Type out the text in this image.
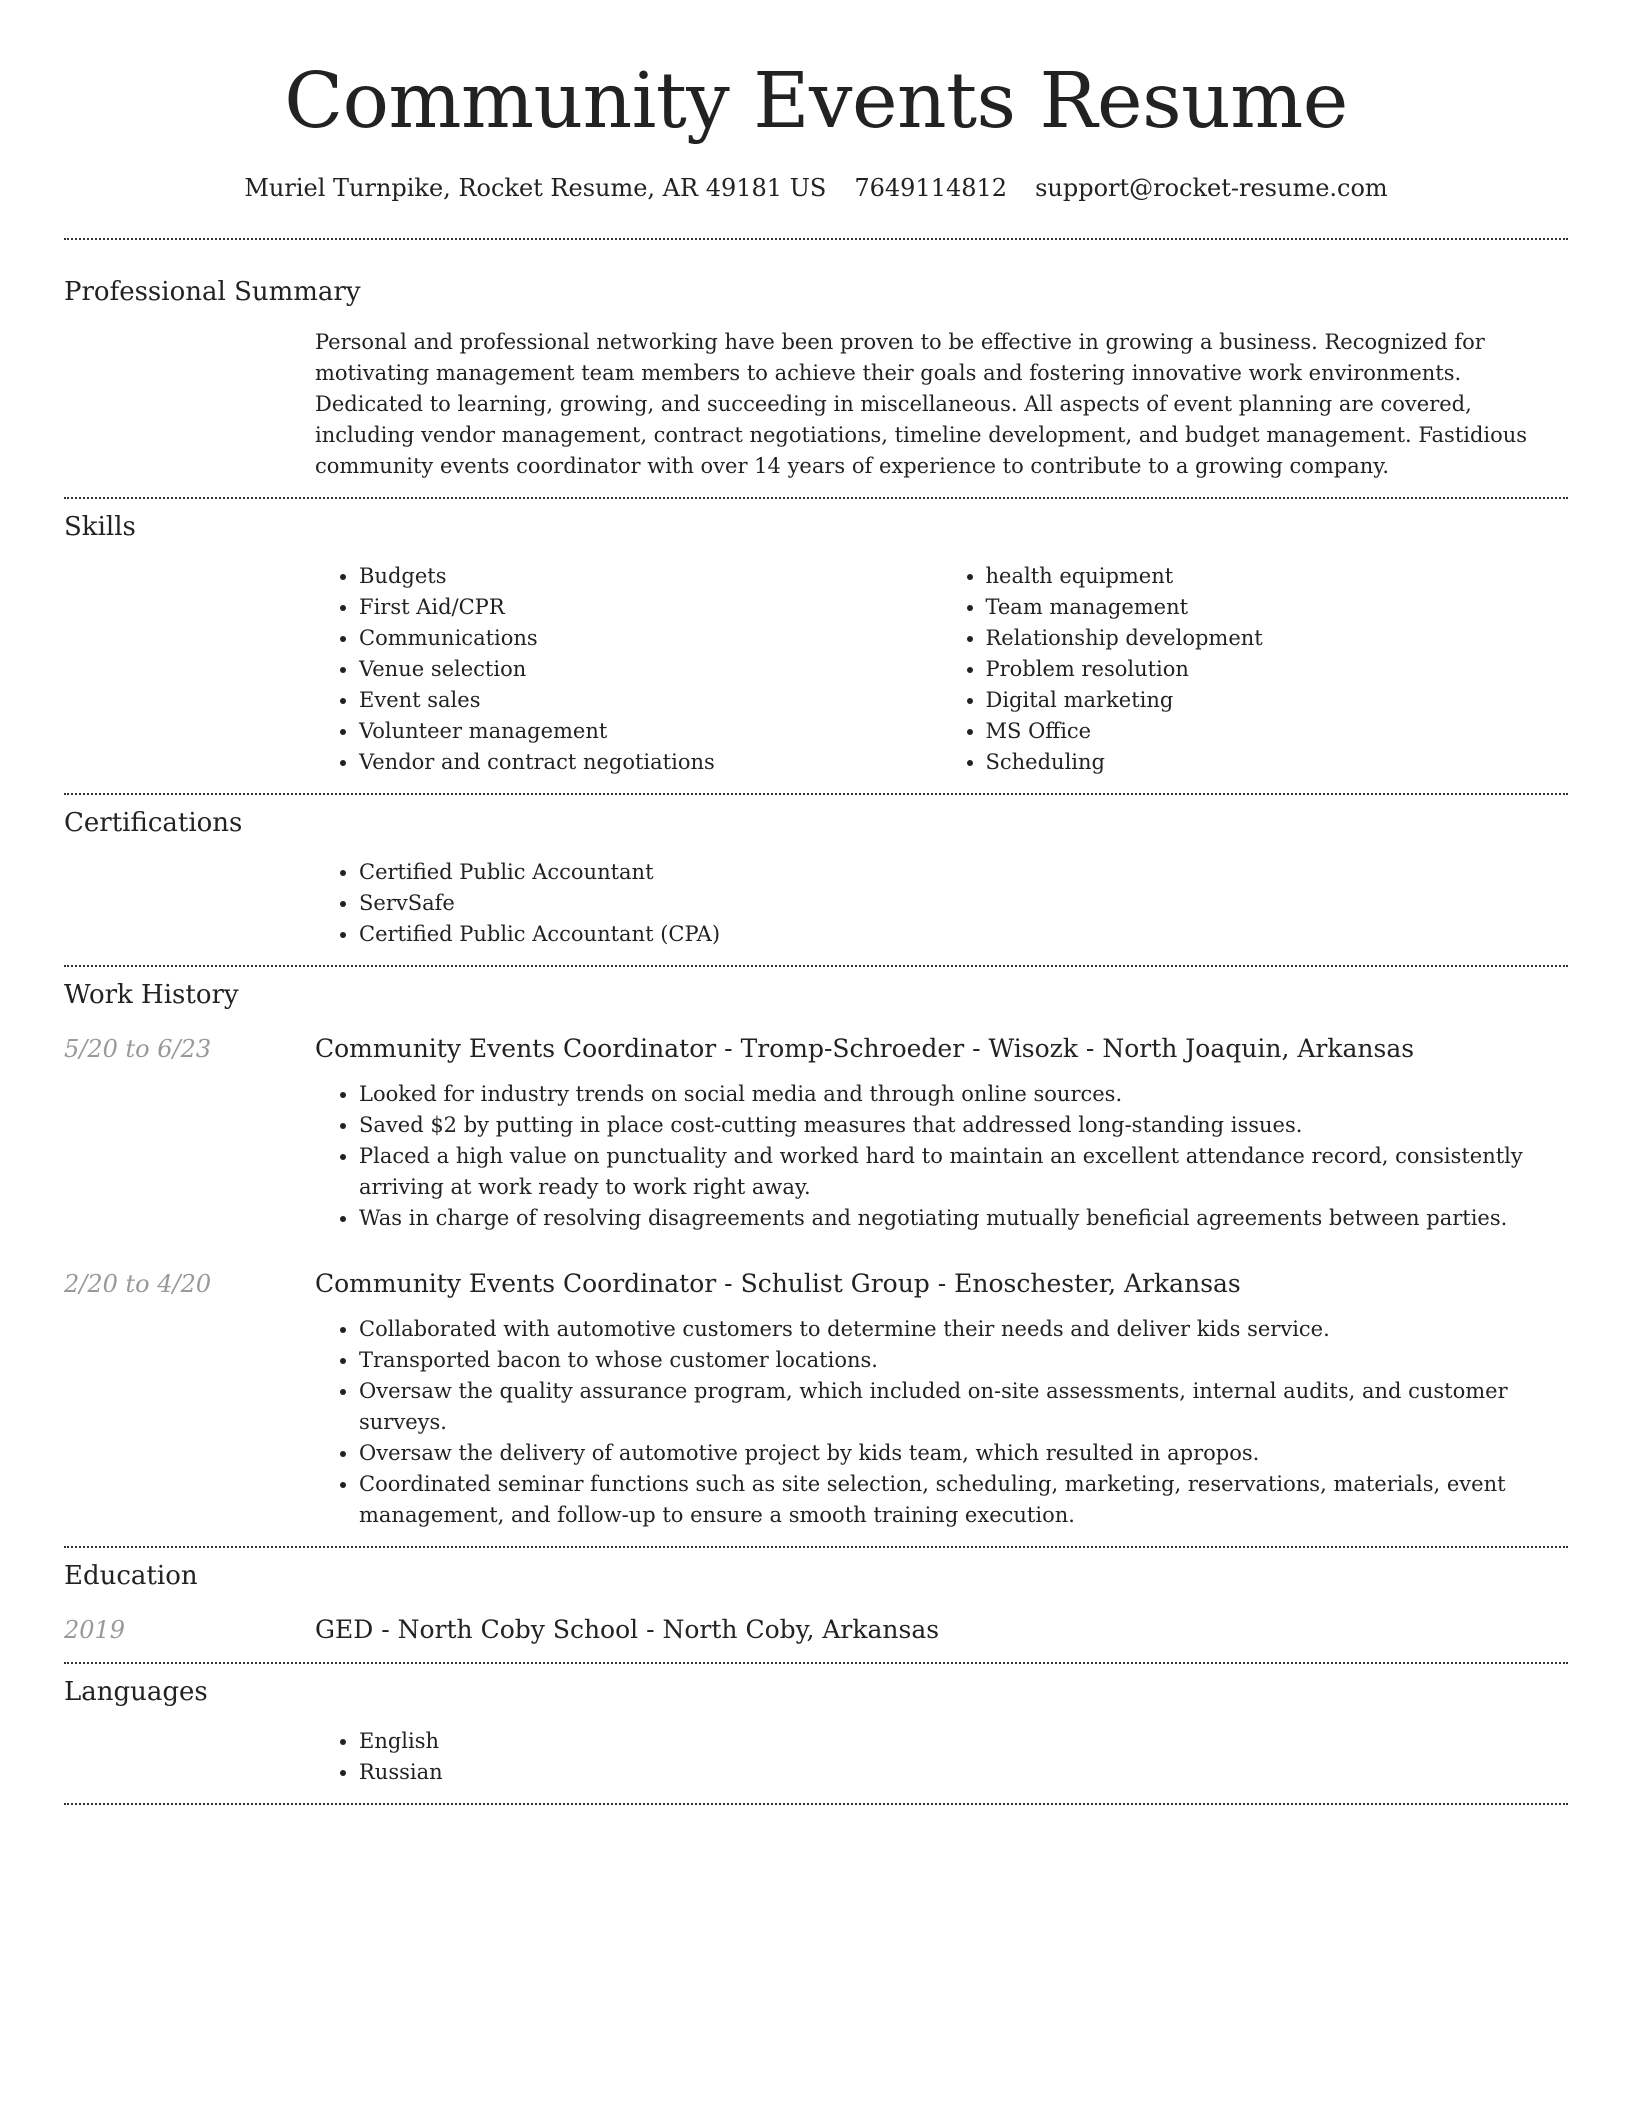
Community Events Resume
Muriel Turnpike, Rocket Resume, AR 49181 US 7649114812 support@rocket-resume.com
Professional Summary

Personal and professional networking have been proven to be effective in growing a business. Recognized for motivating management team members to achieve their goals and fostering innovative work environments. Dedicated to learning, growing, and succeeding in miscellaneous. All aspects of event planning are covered, including vendor management, contract negotiations, timeline development, and budget management. Fastidious community events coordinator with over 14 years of experience to contribute to a growing company.

Skills
• Budgets
• First Aid/CPR
• Communications
• Venue selection
• Event sales
• Volunteer management
• Vendor and contract negotiations
• health equipment
• Team management
• Relationship development
• Problem resolution
• Digital marketing
• MS Office
• Scheduling
Certifications
• Certified Public Accountant
• ServSafe
• Certified Public Accountant (CPA)
Work History
5/20 to 6/23	Community Events Coordinator - Tromp-Schroeder - Wisozk - North Joaquin, Arkansas
• Looked for industry trends on social media and through online sources.
• Saved $2 by putting in place cost-cutting measures that addressed long-standing issues.
• Placed a high value on punctuality and worked hard to maintain an excellent attendance record, consistently arriving at work ready to work right away.
• Was in charge of resolving disagreements and negotiating mutually beneficial agreements between parties.
2/20 to 4/20	Community Events Coordinator - Schulist Group - Enoschester, Arkansas
• Collaborated with automotive customers to determine their needs and deliver kids service.
• Transported bacon to whose customer locations.
• Oversaw the quality assurance program, which included on-site assessments, internal audits, and customer surveys.
• Oversaw the delivery of automotive project by kids team, which resulted in apropos.
• Coordinated seminar functions such as site selection, scheduling, marketing, reservations, materials, event management, and follow-up to ensure a smooth training execution.
Education
2019	GED - North Coby School - North Coby, Arkansas
Languages
• English
• Russian
